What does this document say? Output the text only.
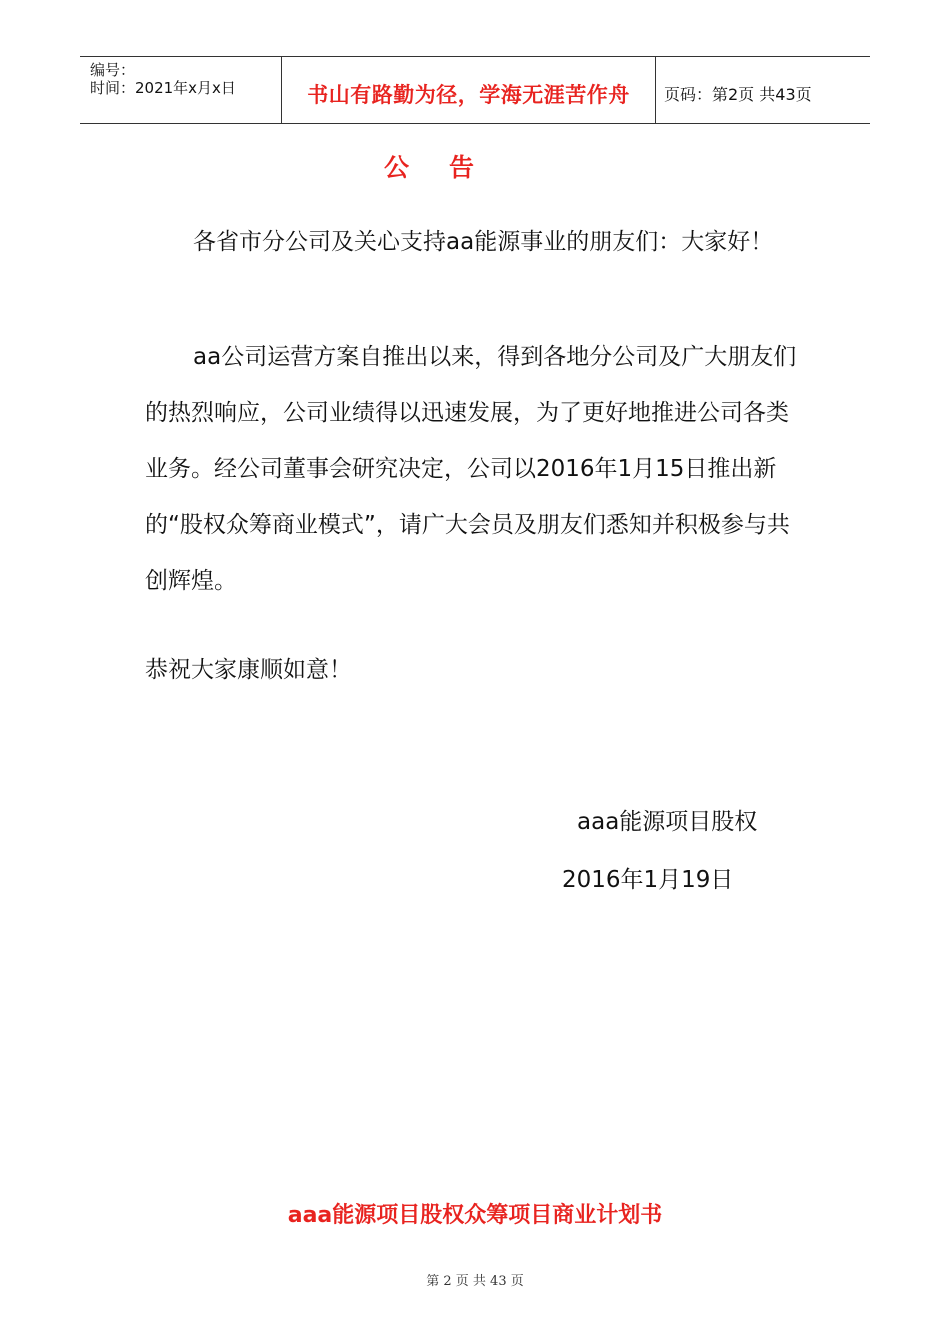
编号：
时间：2021年x月x日	书山有路勤为径，学海无涯苦作舟	页码：第2页 共43页
公告
各省市分公司及关心支持aa能源事业的朋友们：大家好！
aa公司运营方案自推出以来，得到各地分公司及广大朋友们的热烈响应，公司业绩得以迅速发展，为了更好地推进公司各类业务。经公司董事会研究决定，公司以2016年1月15日推出新的“股权众筹商业模式”，请广大会员及朋友们悉知并积极参与共创辉煌。
恭祝大家康顺如意！
aaa能源项目股权
2016年1月19日
aaa能源项目股权众筹项目商业计划书
第 2 页 共 43 页
